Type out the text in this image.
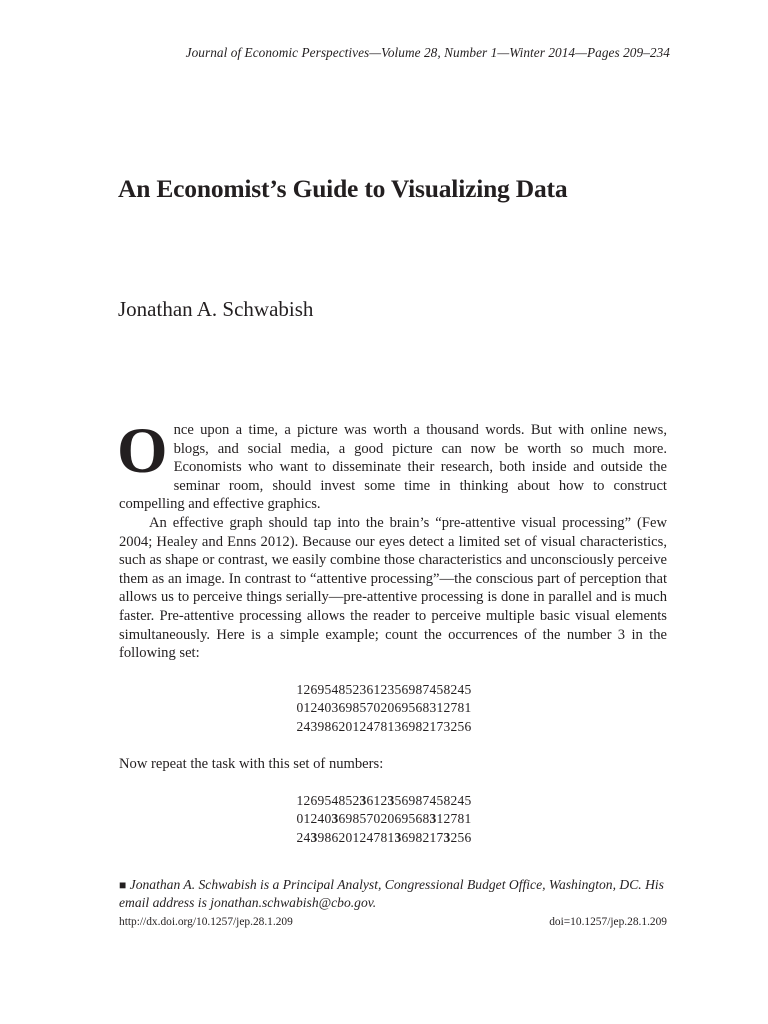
Journal of Economic Perspectives—Volume 28, Number 1—Winter 2014—Pages 209–234
An Economist’s Guide to Visualizing Data
Jonathan A. Schwabish

Once upon a time, a picture was worth a thousand words. But with online news, blogs, and social media, a good picture can now be worth so much more. Economists who want to disseminate their research, both inside and outside the seminar room, should invest some time in thinking about how to construct compelling and effective graphics.

An effective graph should tap into the brain’s “pre-attentive visual processing” (Few 2004; Healey and Enns 2012). Because our eyes detect a limited set of visual characteristics, such as shape or contrast, we easily combine those characteristics and unconsciously perceive them as an image. In contrast to “attentive processing”—the conscious part of perception that allows us to perceive things serially—pre-attentive processing is done in parallel and is much faster. Pre-attentive processing allows the reader to perceive multiple basic visual elements simultaneously. Here is a simple example; count the occurrences of the number 3 in the following set:

1269548523612356987458245
0124036985702069568312781
2439862012478136982173256
Now repeat the task with this set of numbers:
1269548523612356987458245
0124036985702069568312781
2439862012478136982173256
■ Jonathan A. Schwabish is a Principal Analyst, Congressional Budget Office, Washington, DC. His email address is jonathan.schwabish@cbo.gov.
http://dx.doi.org/10.1257/jep.28.1.209	doi=10.1257/jep.28.1.209
